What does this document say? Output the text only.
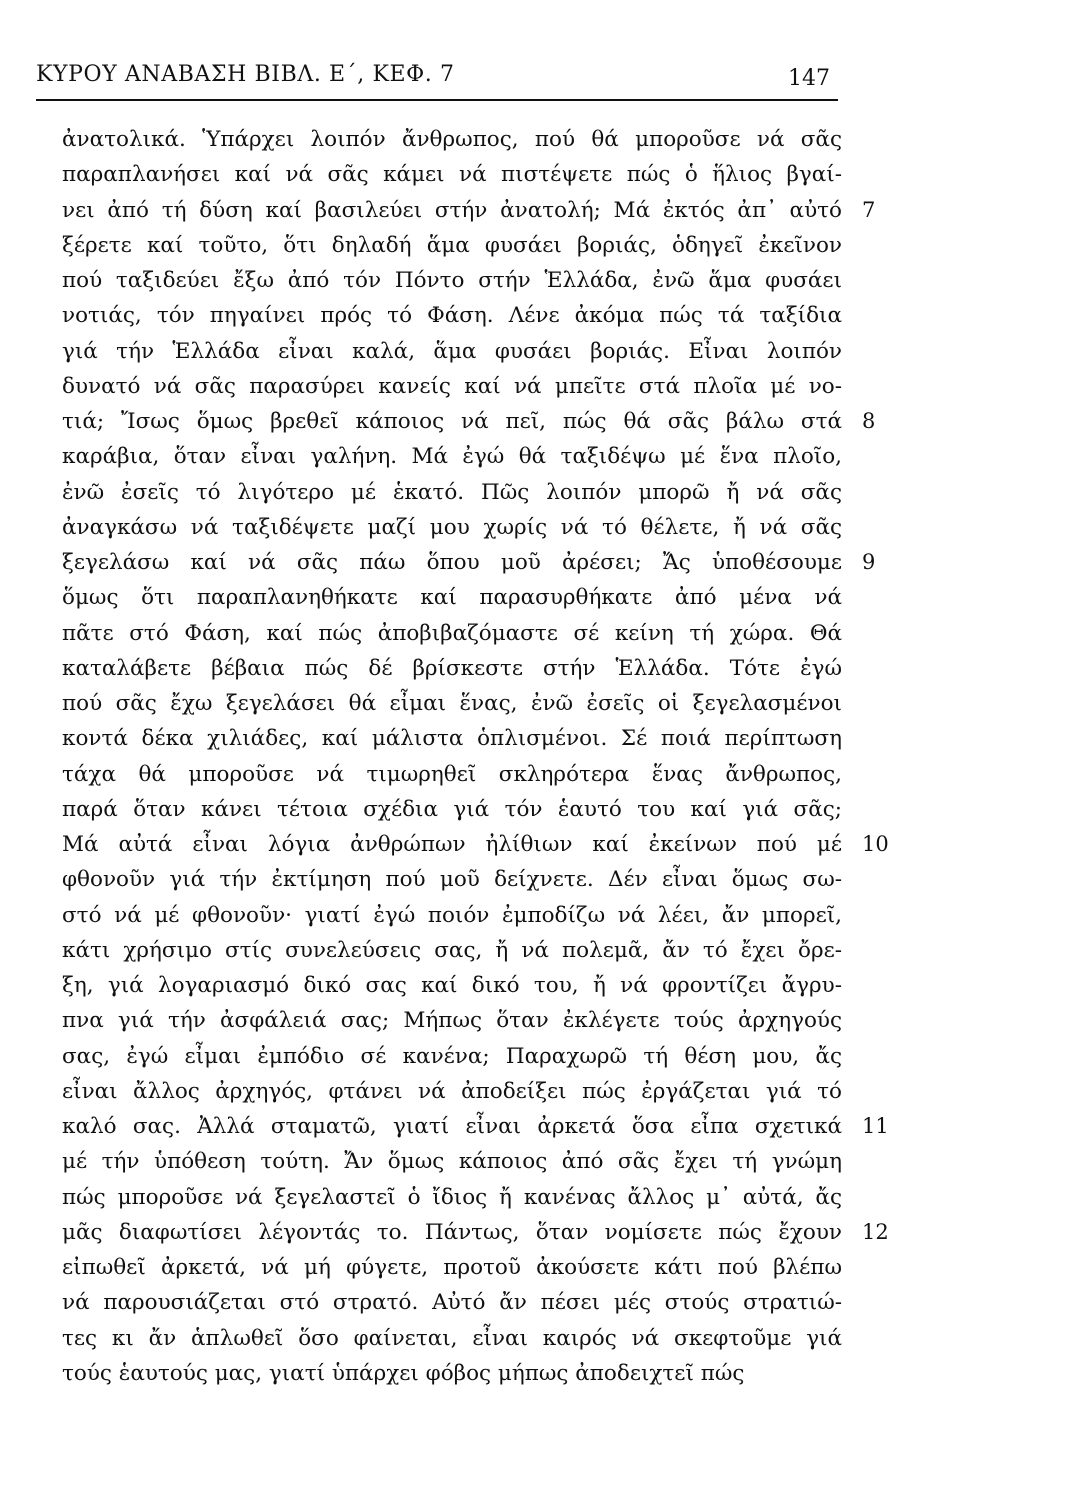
ΚΥΡΟΥ ΑΝΑΒΑΣΗ ΒΙΒΛ. Ε΄, ΚΕΦ. 7	147
ἀνατολικά. Ὑπάρχει λοιπόν ἄνθρωπος, πού θά μποροῦσε νά σᾶς
παραπλανήσει καί νά σᾶς κάμει νά πιστέψετε πώς ὁ ἥλιος βγαί-
νει ἀπό τή δύση καί βασιλεύει στήν ἀνατολή; Μά ἐκτός ἀπ᾽ αὐτό 7
ξέρετε καί τοῦτο, ὅτι δηλαδή ἅμα φυσάει βοριάς, ὁδηγεῖ ἐκεῖνον
πού ταξιδεύει ἔξω ἀπό τόν Πόντο στήν Ἑλλάδα, ἐνῶ ἅμα φυσάει
νοτιάς, τόν πηγαίνει πρός τό Φάση. Λένε ἀκόμα πώς τά ταξίδια
γιά τήν Ἑλλάδα εἶναι καλά, ἅμα φυσάει βοριάς. Εἶναι λοιπόν
δυνατό νά σᾶς παρασύρει κανείς καί νά μπεῖτε στά πλοῖα μέ νο-
τιά; Ἴσως ὅμως βρεθεῖ κάποιος νά πεῖ, πώς θά σᾶς βάλω στά 8
καράβια, ὅταν εἶναι γαλήνη. Μά ἐγώ θά ταξιδέψω μέ ἕνα πλοῖο,
ἐνῶ ἐσεῖς τό λιγότερο μέ ἑκατό. Πῶς λοιπόν μπορῶ ἤ νά σᾶς
ἀναγκάσω νά ταξιδέψετε μαζί μου χωρίς νά τό θέλετε, ἤ νά σᾶς
ξεγελάσω καί νά σᾶς πάω ὅπου μοῦ ἀρέσει; Ἄς ὑποθέσουμε 9
ὅμως ὅτι παραπλανηθήκατε καί παρασυρθήκατε ἀπό μένα νά
πᾶτε στό Φάση, καί πώς ἀποβιβαζόμαστε σέ κείνη τή χώρα. Θά
καταλάβετε βέβαια πώς δέ βρίσκεστε στήν Ἑλλάδα. Τότε ἐγώ
πού σᾶς ἔχω ξεγελάσει θά εἶμαι ἕνας, ἐνῶ ἐσεῖς οἱ ξεγελασμένοι
κοντά δέκα χιλιάδες, καί μάλιστα ὁπλισμένοι. Σέ ποιά περίπτωση
τάχα θά μποροῦσε νά τιμωρηθεῖ σκληρότερα ἕνας ἄνθρωπος,
παρά ὅταν κάνει τέτοια σχέδια γιά τόν ἑαυτό του καί γιά σᾶς;
Μά αὐτά εἶναι λόγια ἀνθρώπων ἠλίθιων καί ἐκείνων πού μέ 10
φθονοῦν γιά τήν ἐκτίμηση πού μοῦ δείχνετε. Δέν εἶναι ὅμως σω-
στό νά μέ φθονοῦν· γιατί ἐγώ ποιόν ἐμποδίζω νά λέει, ἄν μπορεῖ,
κάτι χρήσιμο στίς συνελεύσεις σας, ἤ νά πολεμᾶ, ἄν τό ἔχει ὄρε-
ξη, γιά λογαριασμό δικό σας καί δικό του, ἤ νά φροντίζει ἄγρυ-
πνα γιά τήν ἀσφάλειά σας; Μήπως ὅταν ἐκλέγετε τούς ἀρχηγούς
σας, ἐγώ εἶμαι ἐμπόδιο σέ κανένα; Παραχωρῶ τή θέση μου, ἄς
εἶναι ἄλλος ἀρχηγός, φτάνει νά ἀποδείξει πώς ἐργάζεται γιά τό
καλό σας. Ἀλλά σταματῶ, γιατί εἶναι ἀρκετά ὅσα εἶπα σχετικά 11
μέ τήν ὑπόθεση τούτη. Ἄν ὅμως κάποιος ἀπό σᾶς ἔχει τή γνώμη
πώς μποροῦσε νά ξεγελαστεῖ ὁ ἴδιος ἤ κανένας ἄλλος μ᾽ αὐτά, ἄς
μᾶς διαφωτίσει λέγοντάς το. Πάντως, ὅταν νομίσετε πώς ἔχουν 12
εἰπωθεῖ ἀρκετά, νά μή φύγετε, προτοῦ ἀκούσετε κάτι πού βλέπω
νά παρουσιάζεται στό στρατό. Αὐτό ἄν πέσει μές στούς στρατιώ-
τες κι ἄν ἁπλωθεῖ ὅσο φαίνεται, εἶναι καιρός νά σκεφτοῦμε γιά
τούς ἑαυτούς μας, γιατί ὑπάρχει φόβος μήπως ἀποδειχτεῖ πώς
